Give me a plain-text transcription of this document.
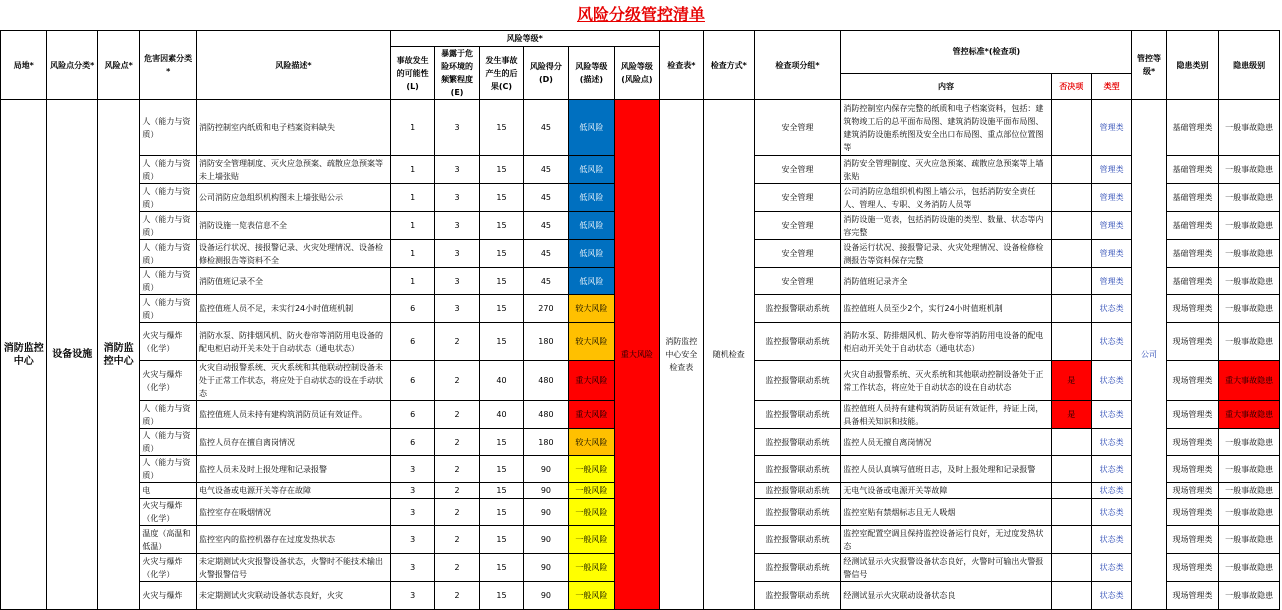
风险分级管控清单
局地*	风险点分类*	风险点*	危害因素分类*	风险描述*	风险等级*						检查表*	检查方式*	检查项分组*	管控标准*(检查项)			管控等级*	隐患类别	隐患级别
					事故发生的可能性(L)	暴露于危险环境的频繁程度(E)	发生事故产生的后果(C)	风险得分(D)	风险等级(描述)	风险等级(风险点)									
														内容	否决项	类型			
消防监控中心	设备设施	消防监控中心	人（能力与资质）	消防控制室内纸质和电子档案资料缺失	1	3	15	45	低风险	重大风险	消防监控中心安全检查表	随机检查	安全管理	消防控制室内保存完整的纸质和电子档案资料，包括：建筑物竣工后的总平面布局图、建筑消防设施平面布局图、建筑消防设施系统图及安全出口布局图、重点部位位置图等		管理类	公司	基础管理类	一般事故隐患
			人（能力与资质）	消防安全管理制度、灭火应急预案、疏散应急预案等未上墙张贴	1	3	15	45	低风险				安全管理	消防安全管理制度、灭火应急预案、疏散应急预案等上墙张贴		管理类		基础管理类	一般事故隐患
			人（能力与资质）	公司消防应急组织机构图未上墙张贴公示	1	3	15	45	低风险				安全管理	公司消防应急组织机构图上墙公示，包括消防安全责任人、管理人、专职、义务消防人员等		管理类		基础管理类	一般事故隐患
			人（能力与资质）	消防设施一览表信息不全	1	3	15	45	低风险				安全管理	消防设施一览表，包括消防设施的类型、数量、状态等内容完整		管理类		基础管理类	一般事故隐患
			人（能力与资质）	设备运行状况、接报警记录、火灾处理情况、设备检修检测报告等资料不全	1	3	15	45	低风险				安全管理	设备运行状况、接报警记录、火灾处理情况、设备检修检测报告等资料保存完整		管理类		基础管理类	一般事故隐患
			人（能力与资质）	消防值班记录不全	1	3	15	45	低风险				安全管理	消防值班记录齐全		管理类		基础管理类	一般事故隐患
			人（能力与资质）	监控值班人员不足，未实行24小时值班机制	6	3	15	270	较大风险				监控报警联动系统	监控值班人员至少2个，实行24小时值班机制		状态类		现场管理类	一般事故隐患
			火灾与爆炸（化学）	消防水泵、防排烟风机、防火卷帘等消防用电设备的配电柜启动开关未处于自动状态（通电状态）	6	2	15	180	较大风险				监控报警联动系统	消防水泵、防排烟风机、防火卷帘等消防用电设备的配电柜启动开关处于自动状态（通电状态）		状态类		现场管理类	一般事故隐患
			火灾与爆炸（化学）	火灾自动报警系统、灭火系统和其他联动控制设备未处于正常工作状态，将应处于自动状态的设在手动状态	6	2	40	480	重大风险				监控报警联动系统	火灾自动报警系统、灭火系统和其他联动控制设备处于正常工作状态，将应处于自动状态的设在自动状态	是	状态类		现场管理类	重大事故隐患
			人（能力与资质）	监控值班人员未持有建构筑消防员证有效证件。	6	2	40	480	重大风险				监控报警联动系统	监控值班人员持有建构筑消防员证有效证件，持证上岗，具备相关知识和技能。	是	状态类		现场管理类	重大事故隐患
			人（能力与资质）	监控人员存在擅自离岗情况	6	2	15	180	较大风险				监控报警联动系统	监控人员无擅自离岗情况		状态类		现场管理类	一般事故隐患
			人（能力与资质）	监控人员未及时上报处理和记录报警	3	2	15	90	一般风险				监控报警联动系统	监控人员认真填写值班日志，及时上报处理和记录报警		状态类		现场管理类	一般事故隐患
			电	电气设备或电源开关等存在故障	3	2	15	90	一般风险				监控报警联动系统	无电气设备或电源开关等故障		状态类		现场管理类	一般事故隐患
			火灾与爆炸（化学）	监控室存在吸烟情况	3	2	15	90	一般风险				监控报警联动系统	监控室贴有禁烟标志且无人吸烟		状态类		现场管理类	一般事故隐患
			温度（高温和低温）	监控室内的监控机器存在过度发热状态	3	2	15	90	一般风险				监控报警联动系统	监控室配置空调且保持监控设备运行良好，无过度发热状态		状态类		现场管理类	一般事故隐患
			火灾与爆炸（化学）	未定期测试火灾报警设备状态，火警时不能技术输出火警报警信号	3	2	15	90	一般风险				监控报警联动系统	经测试显示火灾报警设备状态良好，火警时可输出火警报警信号		状态类		现场管理类	一般事故隐患
			火灾与爆炸	未定期测试火灾联动设备状态良好，火灾	3	2	15	90	一般风险				监控报警联动系统	经测试显示火灾联动设备状态良		状态类		现场管理类	一般事故隐患
